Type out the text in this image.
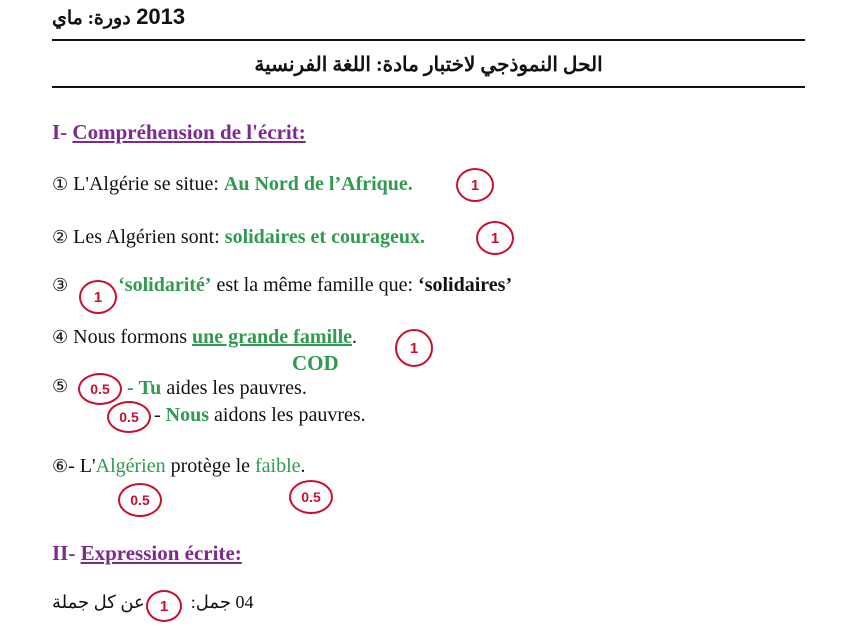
2013 دورة: ماي
الحل النموذجي لاختبار مادة: اللغة الفرنسية
I- Compréhension de l'écrit:
① L'Algérie se situe: Au Nord de l’Afrique.	1
② Les Algérien sont: solidaires et courageux.	1
③	‘solidarité’ est la même famille que: ‘solidaires’
1
④ Nous formons une grande famille.	1
COD
⑤	0.5 - Tu aides les pauvres.
0.5 - Nous aidons les pauvres.
⑥- L'Algérien protège le faible.
0.5	0.5
II- Expression écrite:
04 جمل:
عن كل جملة	1
